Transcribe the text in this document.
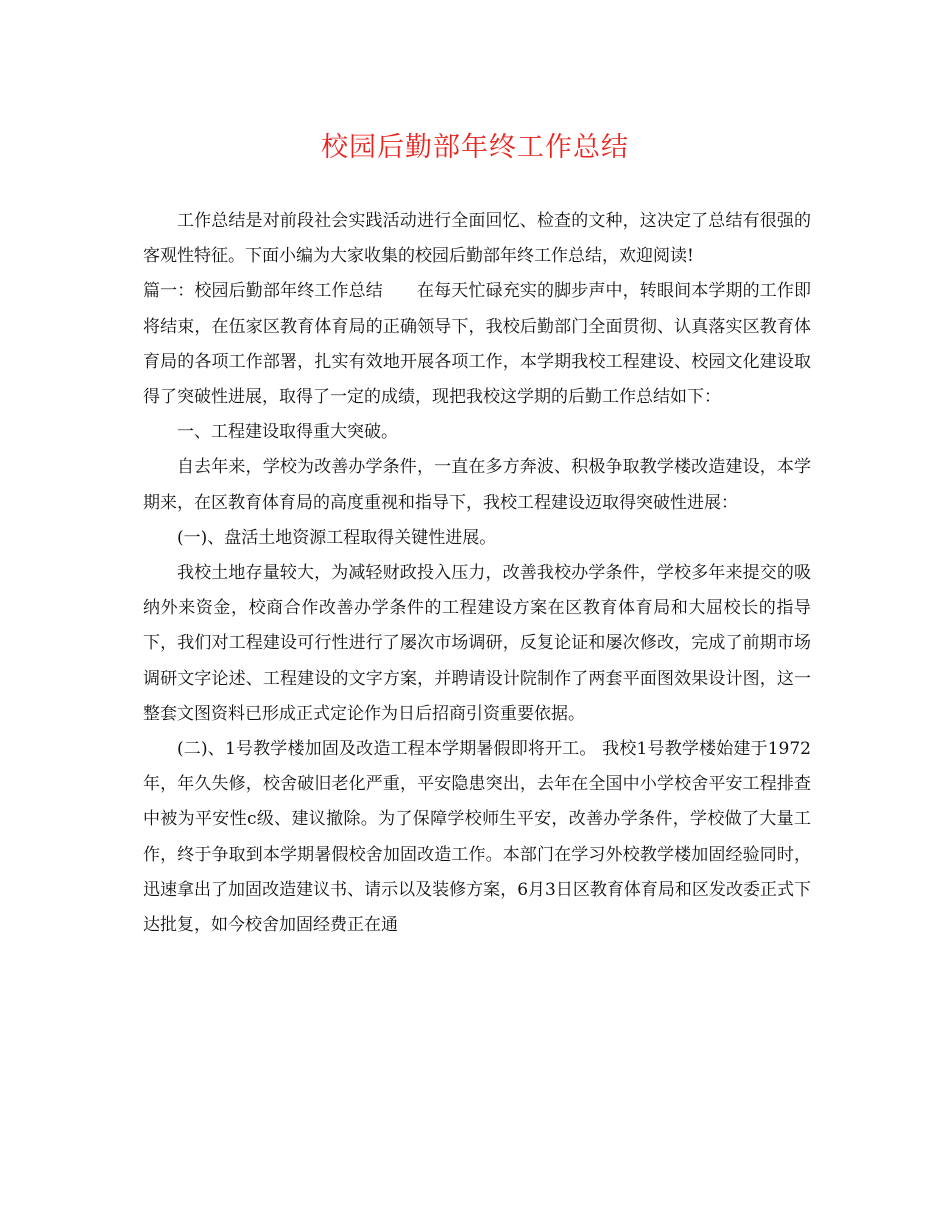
校园后勤部年终工作总结

工作总结是对前段社会实践活动进行全面回忆、检查的文种，这决定了总结有很强的客观性特征。下面小编为大家收集的校园后勤部年终工作总结，欢迎阅读!

篇一：校园后勤部年终工作总结 在每天忙碌充实的脚步声中，转眼间本学期的工作即将结束，在伍家区教育体育局的正确领导下，我校后勤部门全面贯彻、认真落实区教育体育局的各项工作部署，扎实有效地开展各项工作，本学期我校工程建设、校园文化建设取得了突破性进展，取得了一定的成绩，现把我校这学期的后勤工作总结如下：

一、工程建设取得重大突破。

自去年来，学校为改善办学条件，一直在多方奔波、积极争取教学楼改造建设，本学期来，在区教育体育局的高度重视和指导下，我校工程建设迈取得突破性进展：

(一)、盘活土地资源工程取得关键性进展。

我校土地存量较大，为减轻财政投入压力，改善我校办学条件，学校多年来提交的吸纳外来资金，校商合作改善办学条件的工程建设方案在区教育体育局和大屈校长的指导下，我们对工程建设可行性进行了屡次市场调研，反复论证和屡次修改，完成了前期市场调研文字论述、工程建设的文字方案，并聘请设计院制作了两套平面图效果设计图，这一整套文图资料已形成正式定论作为日后招商引资重要依据。

(二)、1号教学楼加固及改造工程本学期暑假即将开工。 我校1号教学楼始建于1972年，年久失修，校舍破旧老化严重，平安隐患突出，去年在全国中小学校舍平安工程排查中被为平安性c级、建议撤除。为了保障学校师生平安，改善办学条件，学校做了大量工作，终于争取到本学期暑假校舍加固改造工作。本部门在学习外校教学楼加固经验同时，迅速拿出了加固改造建议书、请示以及装修方案，6月3日区教育体育局和区发改委正式下达批复，如今校舍加固经费正在通
